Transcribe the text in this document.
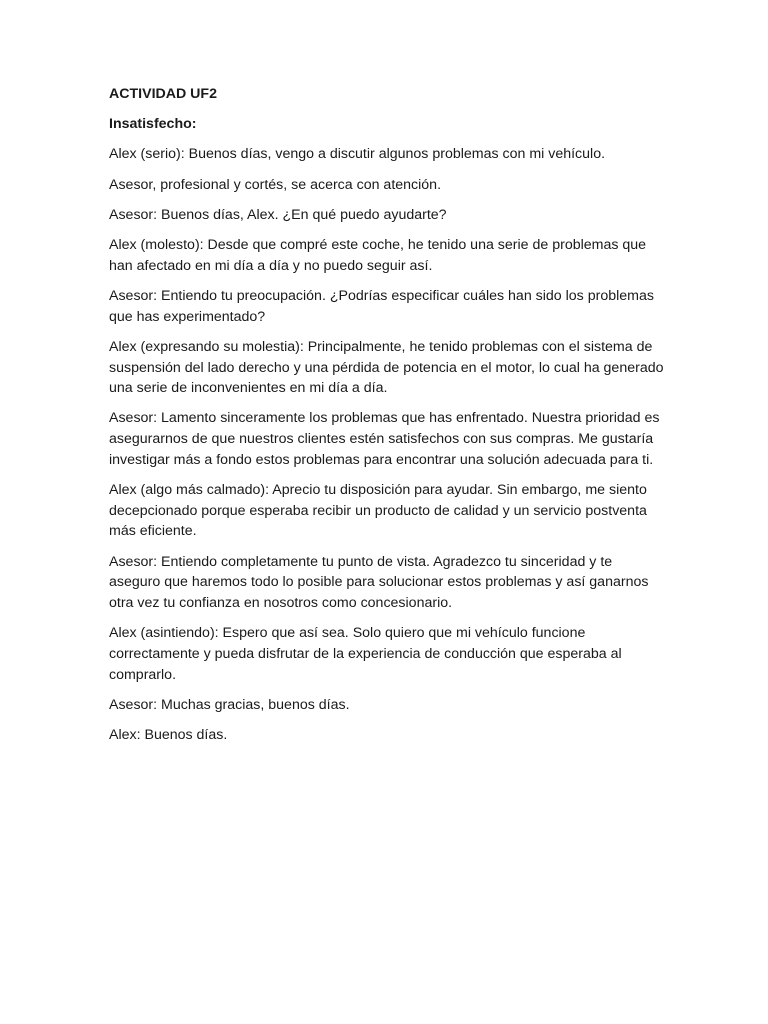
ACTIVIDAD UF2

Insatisfecho:

Alex (serio): Buenos días, vengo a discutir algunos problemas con mi vehículo.

Asesor, profesional y cortés, se acerca con atención.

Asesor: Buenos días, Alex. ¿En qué puedo ayudarte?

Alex (molesto): Desde que compré este coche, he tenido una serie de problemas que han afectado en mi día a día y no puedo seguir así.

Asesor: Entiendo tu preocupación. ¿Podrías especificar cuáles han sido los problemas que has experimentado?

Alex (expresando su molestia): Principalmente, he tenido problemas con el sistema de suspensión del lado derecho y una pérdida de potencia en el motor, lo cual ha generado una serie de inconvenientes en mi día a día.

Asesor: Lamento sinceramente los problemas que has enfrentado. Nuestra prioridad es asegurarnos de que nuestros clientes estén satisfechos con sus compras. Me gustaría investigar más a fondo estos problemas para encontrar una solución adecuada para ti.

Alex (algo más calmado): Aprecio tu disposición para ayudar. Sin embargo, me siento decepcionado porque esperaba recibir un producto de calidad y un servicio postventa más eficiente.

Asesor: Entiendo completamente tu punto de vista. Agradezco tu sinceridad y te aseguro que haremos todo lo posible para solucionar estos problemas y así ganarnos otra vez tu confianza en nosotros como concesionario.

Alex (asintiendo): Espero que así sea. Solo quiero que mi vehículo funcione correctamente y pueda disfrutar de la experiencia de conducción que esperaba al comprarlo.

Asesor: Muchas gracias, buenos días.

Alex: Buenos días.
